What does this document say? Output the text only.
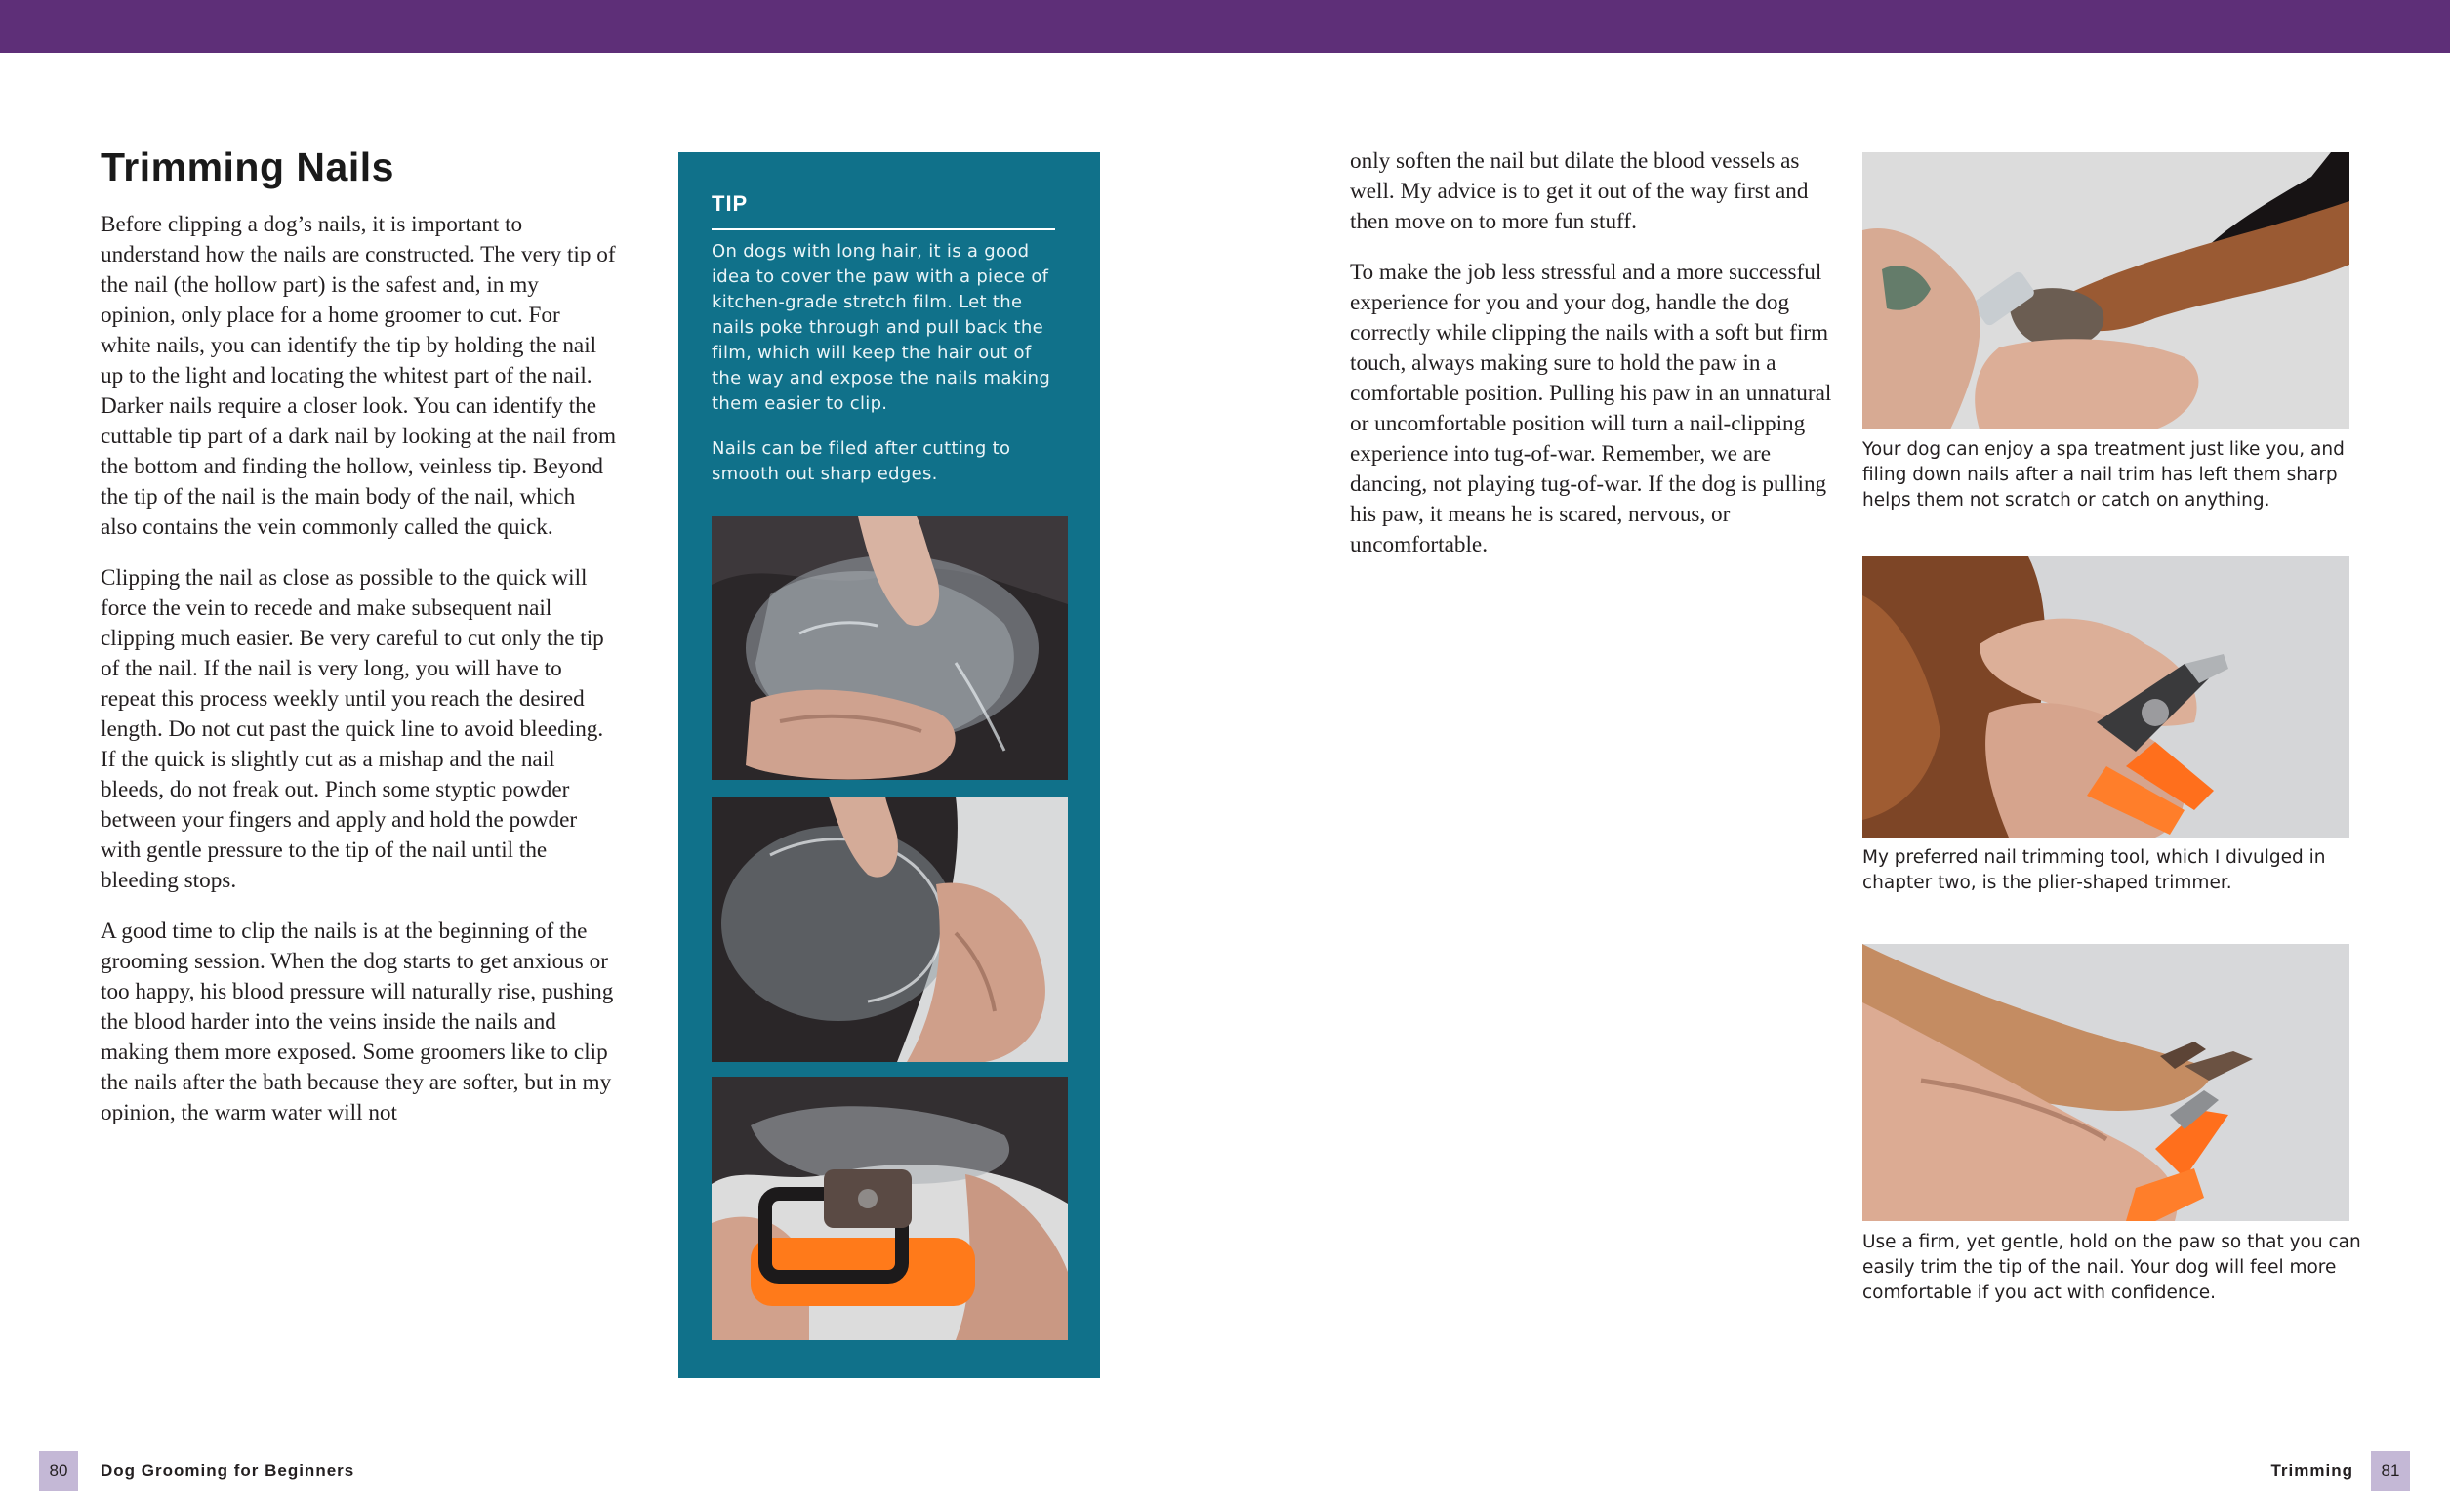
Trimming Nails

Before clipping a dog’s nails, it is important to understand how the nails are constructed. The very tip of the nail (the hollow part) is the safest and, in my opinion, only place for a home groomer to cut. For white nails, you can identify the tip by holding the nail up to the light and locating the whitest part of the nail. Darker nails require a closer look. You can identify the cuttable tip part of a dark nail by looking at the nail from the bottom and finding the hollow, veinless tip. Beyond the tip of the nail is the main body of the nail, which also contains the vein commonly called the quick.

Clipping the nail as close as possible to the quick will force the vein to recede and make subsequent nail clipping much easier. Be very careful to cut only the tip of the nail. If the nail is very long, you will have to repeat this process weekly until you reach the desired length. Do not cut past the quick line to avoid bleeding. If the quick is slightly cut as a mishap and the nail bleeds, do not freak out. Pinch some styptic powder between your fingers and apply and hold the powder with gentle pressure to the tip of the nail until the bleeding stops.

A good time to clip the nails is at the beginning of the grooming session. When the dog starts to get anxious or too happy, his blood pressure will naturally rise, pushing the blood harder into the veins inside the nails and making them more exposed. Some groomers like to clip the nails after the bath because they are softer, but in my opinion, the warm water will not

TIP

On dogs with long hair, it is a good idea to cover the paw with a piece of kitchen-grade stretch film. Let the nails poke through and pull back the film, which will keep the hair out of the way and expose the nails making them easier to clip.

Nails can be filed after cutting to smooth out sharp edges.

80	Dog Grooming for Beginners

only soften the nail but dilate the blood vessels as well. My advice is to get it out of the way first and then move on to more fun stuff.

To make the job less stressful and a more successful experience for you and your dog, handle the dog correctly while clipping the nails with a soft but firm touch, always making sure to hold the paw in a comfortable position. Pulling his paw in an unnatural or uncomfortable position will turn a nail-clipping experience into tug-of-war. Remember, we are dancing, not playing tug-of-war. If the dog is pulling his paw, it means he is scared, nervous, or uncomfortable.

Your dog can enjoy a spa treatment just like you, and filing down nails after a nail trim has left them sharp helps them not scratch or catch on anything.

My preferred nail trimming tool, which I divulged in chapter two, is the plier-shaped trimmer.

Use a firm, yet gentle, hold on the paw so that you can easily trim the tip of the nail. Your dog will feel more comfortable if you act with confidence.

Trimming	81
